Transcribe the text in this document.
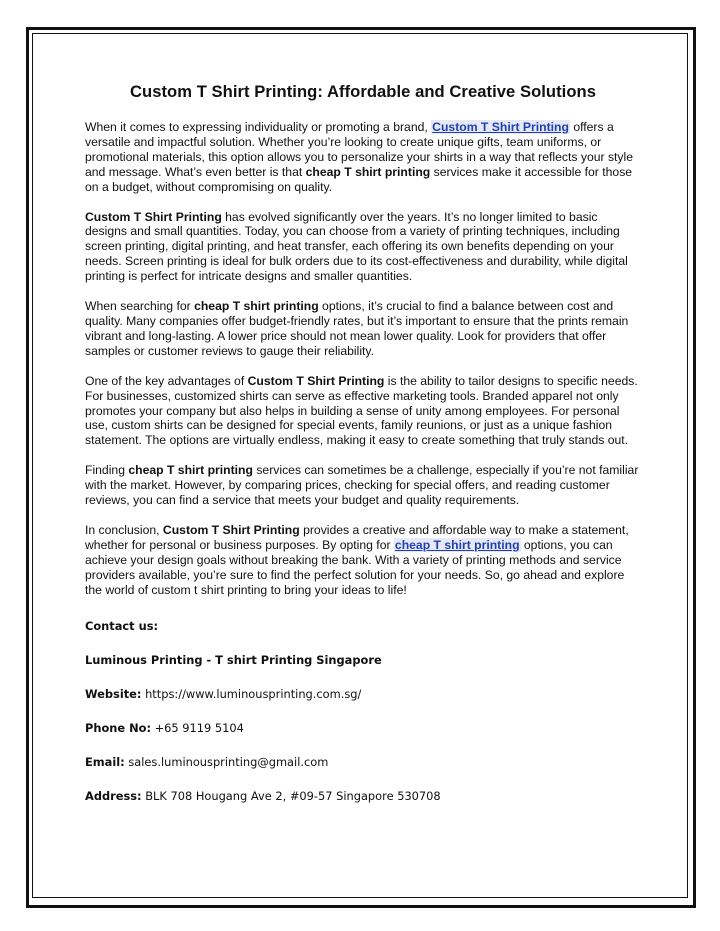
Custom T Shirt Printing: Affordable and Creative Solutions

When it comes to expressing individuality or promoting a brand, Custom T Shirt Printing offers a versatile and impactful solution. Whether you’re looking to create unique gifts, team uniforms, or promotional materials, this option allows you to personalize your shirts in a way that reflects your style and message. What’s even better is that cheap T shirt printing services make it accessible for those on a budget, without compromising on quality.

Custom T Shirt Printing has evolved significantly over the years. It’s no longer limited to basic designs and small quantities. Today, you can choose from a variety of printing techniques, including screen printing, digital printing, and heat transfer, each offering its own benefits depending on your needs. Screen printing is ideal for bulk orders due to its cost-effectiveness and durability, while digital printing is perfect for intricate designs and smaller quantities.

When searching for cheap T shirt printing options, it’s crucial to find a balance between cost and quality. Many companies offer budget-friendly rates, but it’s important to ensure that the prints remain vibrant and long-lasting. A lower price should not mean lower quality. Look for providers that offer samples or customer reviews to gauge their reliability.

One of the key advantages of Custom T Shirt Printing is the ability to tailor designs to specific needs. For businesses, customized shirts can serve as effective marketing tools. Branded apparel not only promotes your company but also helps in building a sense of unity among employees. For personal use, custom shirts can be designed for special events, family reunions, or just as a unique fashion statement. The options are virtually endless, making it easy to create something that truly stands out.

Finding cheap T shirt printing services can sometimes be a challenge, especially if you’re not familiar with the market. However, by comparing prices, checking for special offers, and reading customer reviews, you can find a service that meets your budget and quality requirements.

In conclusion, Custom T Shirt Printing provides a creative and affordable way to make a statement, whether for personal or business purposes. By opting for cheap T shirt printing options, you can achieve your design goals without breaking the bank. With a variety of printing methods and service providers available, you’re sure to find the perfect solution for your needs. So, go ahead and explore the world of custom t shirt printing to bring your ideas to life!

Contact us:

Luminous Printing - T shirt Printing Singapore

Website: https://www.luminousprinting.com.sg/

Phone No: +65 9119 5104

Email: sales.luminousprinting@gmail.com

Address: BLK 708 Hougang Ave 2, #09-57 Singapore 530708
